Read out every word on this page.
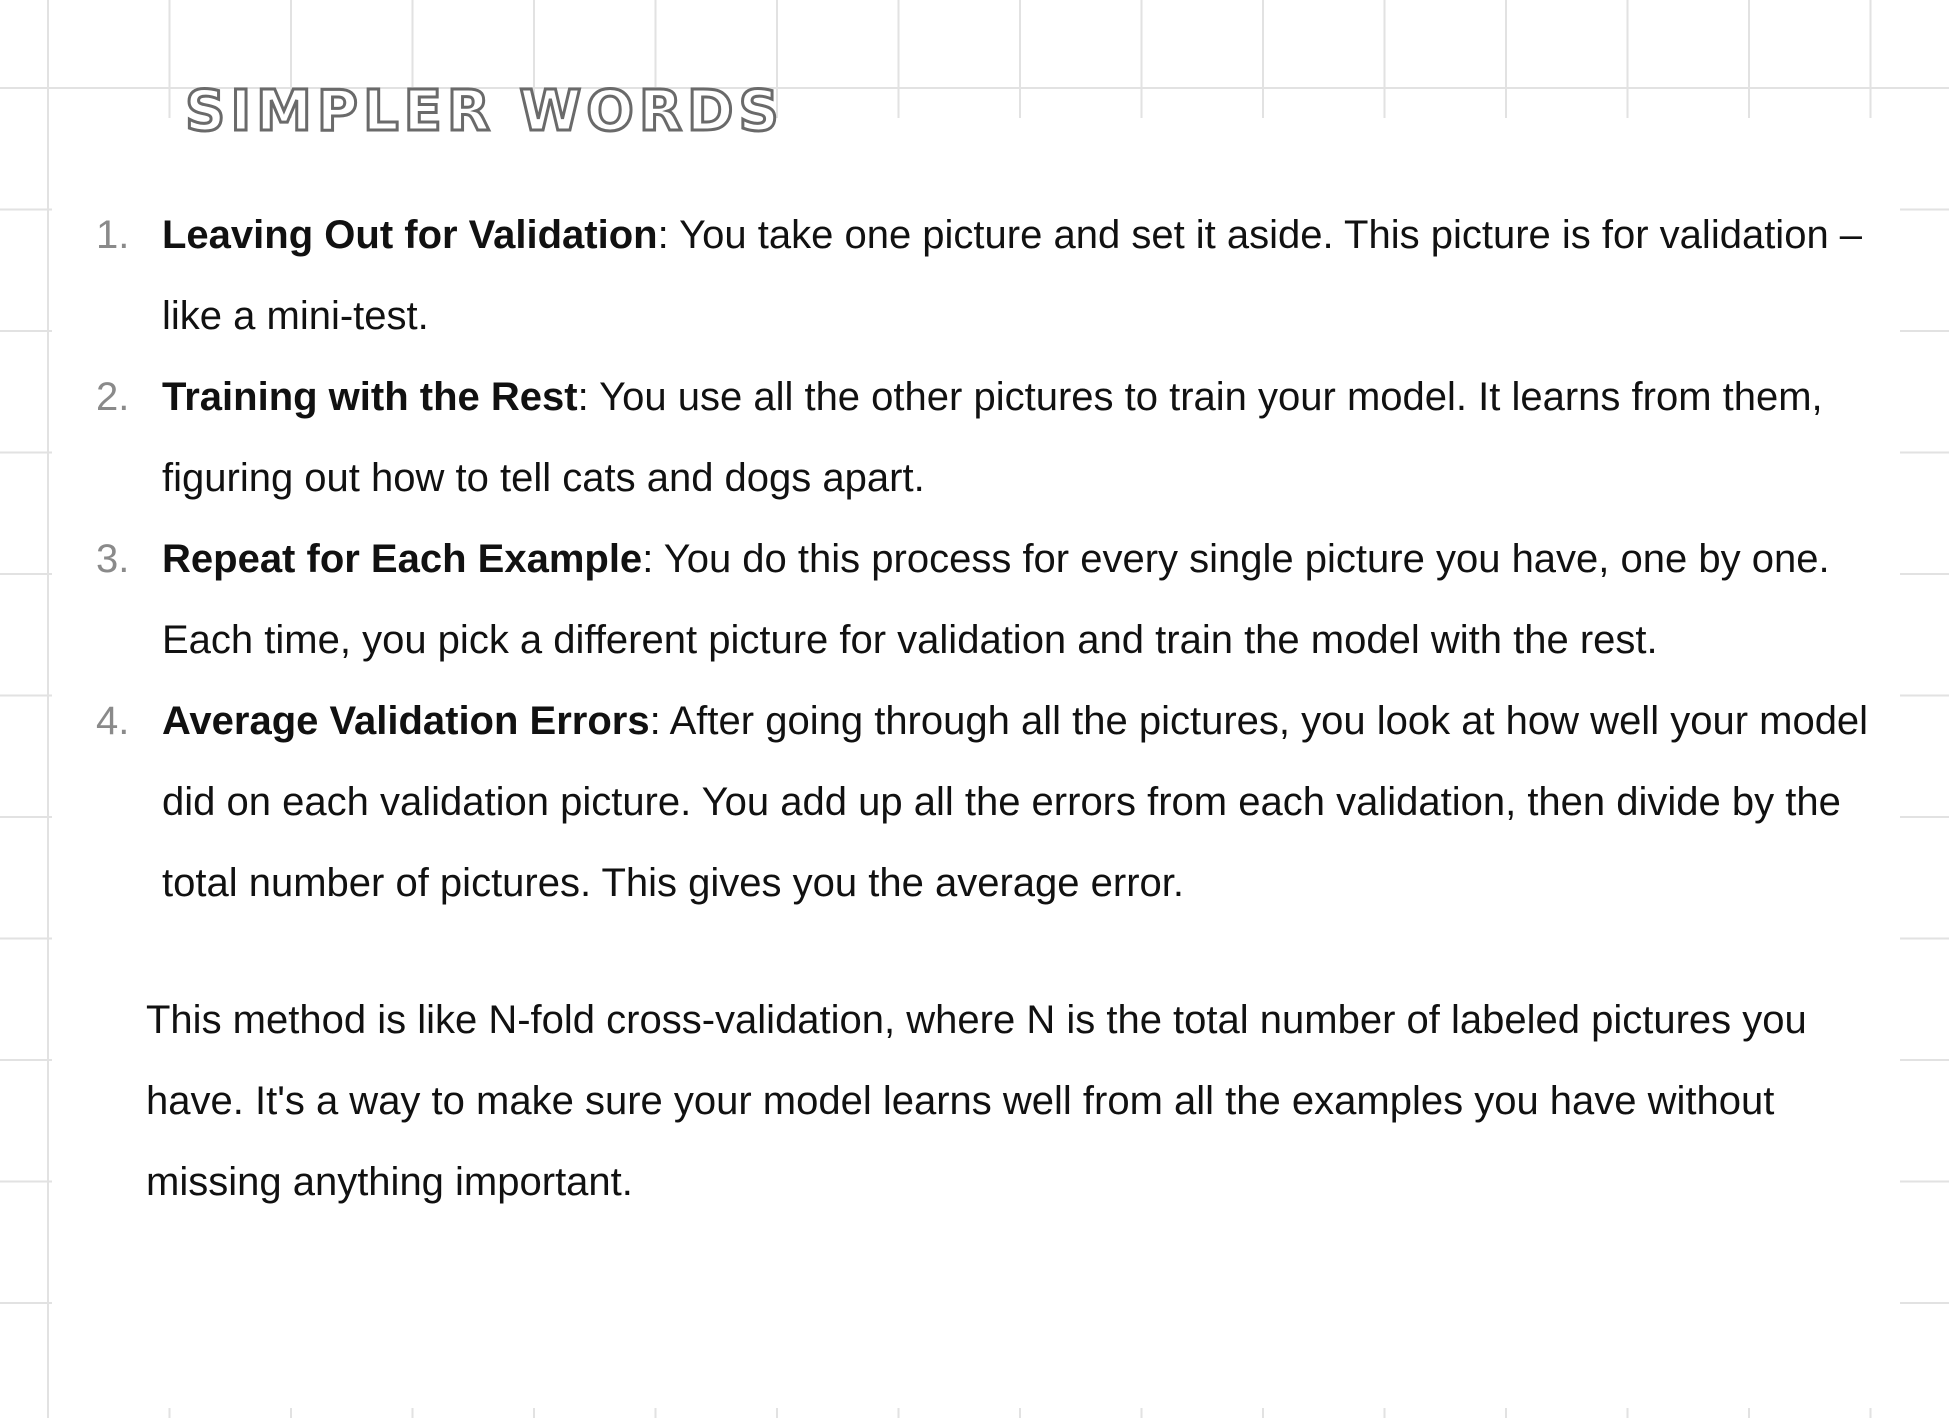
SIMPLER WORDS
1. Leaving Out for Validation: You take one picture and set it aside. This picture is for validation – like a mini-test.
2. Training with the Rest: You use all the other pictures to train your model. It learns from them, figuring out how to tell cats and dogs apart.
3. Repeat for Each Example: You do this process for every single picture you have, one by one. Each time, you pick a different picture for validation and train the model with the rest.
4. Average Validation Errors: After going through all the pictures, you look at how well your model did on each validation picture. You add up all the errors from each validation, then divide by the total number of pictures. This gives you the average error.

This method is like N-fold cross-validation, where N is the total number of labeled pictures you have. It's a way to make sure your model learns well from all the examples you have without missing anything important.
